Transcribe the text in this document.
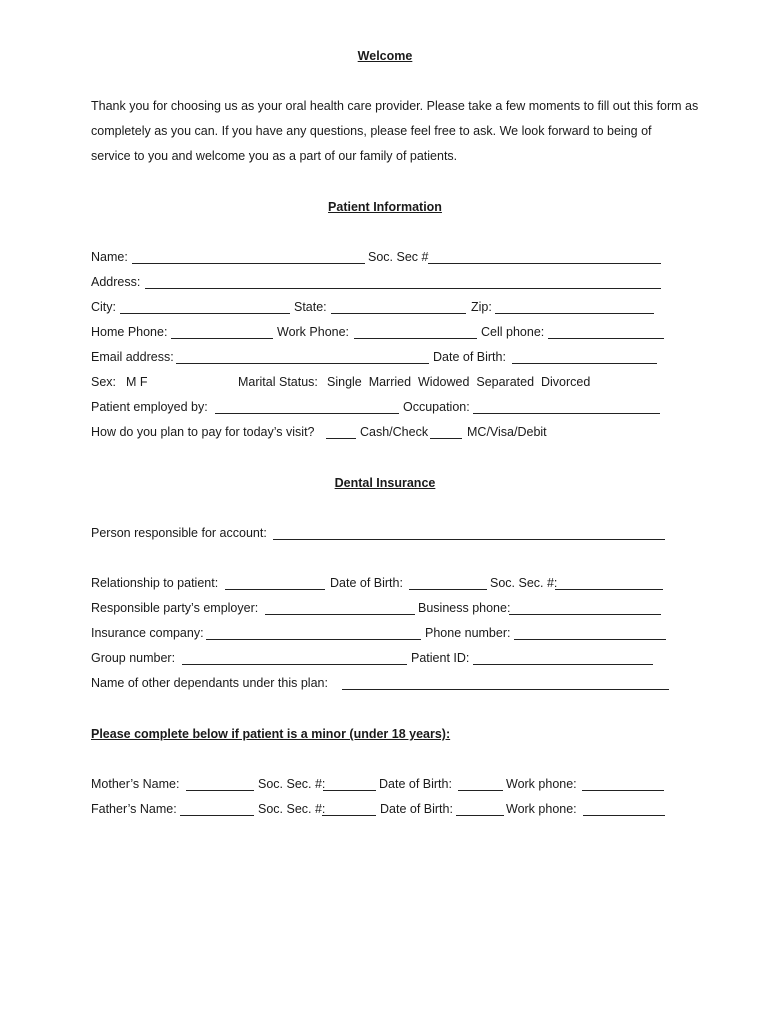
Welcome

Thank you for choosing us as your oral health care provider. Please take a few moments to fill out this form as

completely as you can. If you have any questions, please feel free to ask. We look forward to being of

service to you and welcome you as a part of our family of patients.

Patient Information
Name:	Soc. Sec #
Address:
City:	State:	Zip:
Home Phone:	Work Phone:	Cell phone:
Email address:	Date of Birth:
Sex: M F	Marital Status: Single  Married  Widowed  Separated  Divorced
Patient employed by:	Occupation:
How do you plan to pay for today’s visit?	Cash/Check	MC/Visa/Debit
Dental Insurance
Person responsible for account:
Relationship to patient:	Date of Birth:	Soc. Sec. #:
Responsible party’s employer:	Business phone:
Insurance company:	Phone number:
Group number:	Patient ID:
Name of other dependants under this plan:
Please complete below if patient is a minor (under 18 years):
Mother’s Name:	Soc. Sec. #:	Date of Birth:	Work phone:
Father’s Name:	Soc. Sec. #:	Date of Birth:	Work phone:
